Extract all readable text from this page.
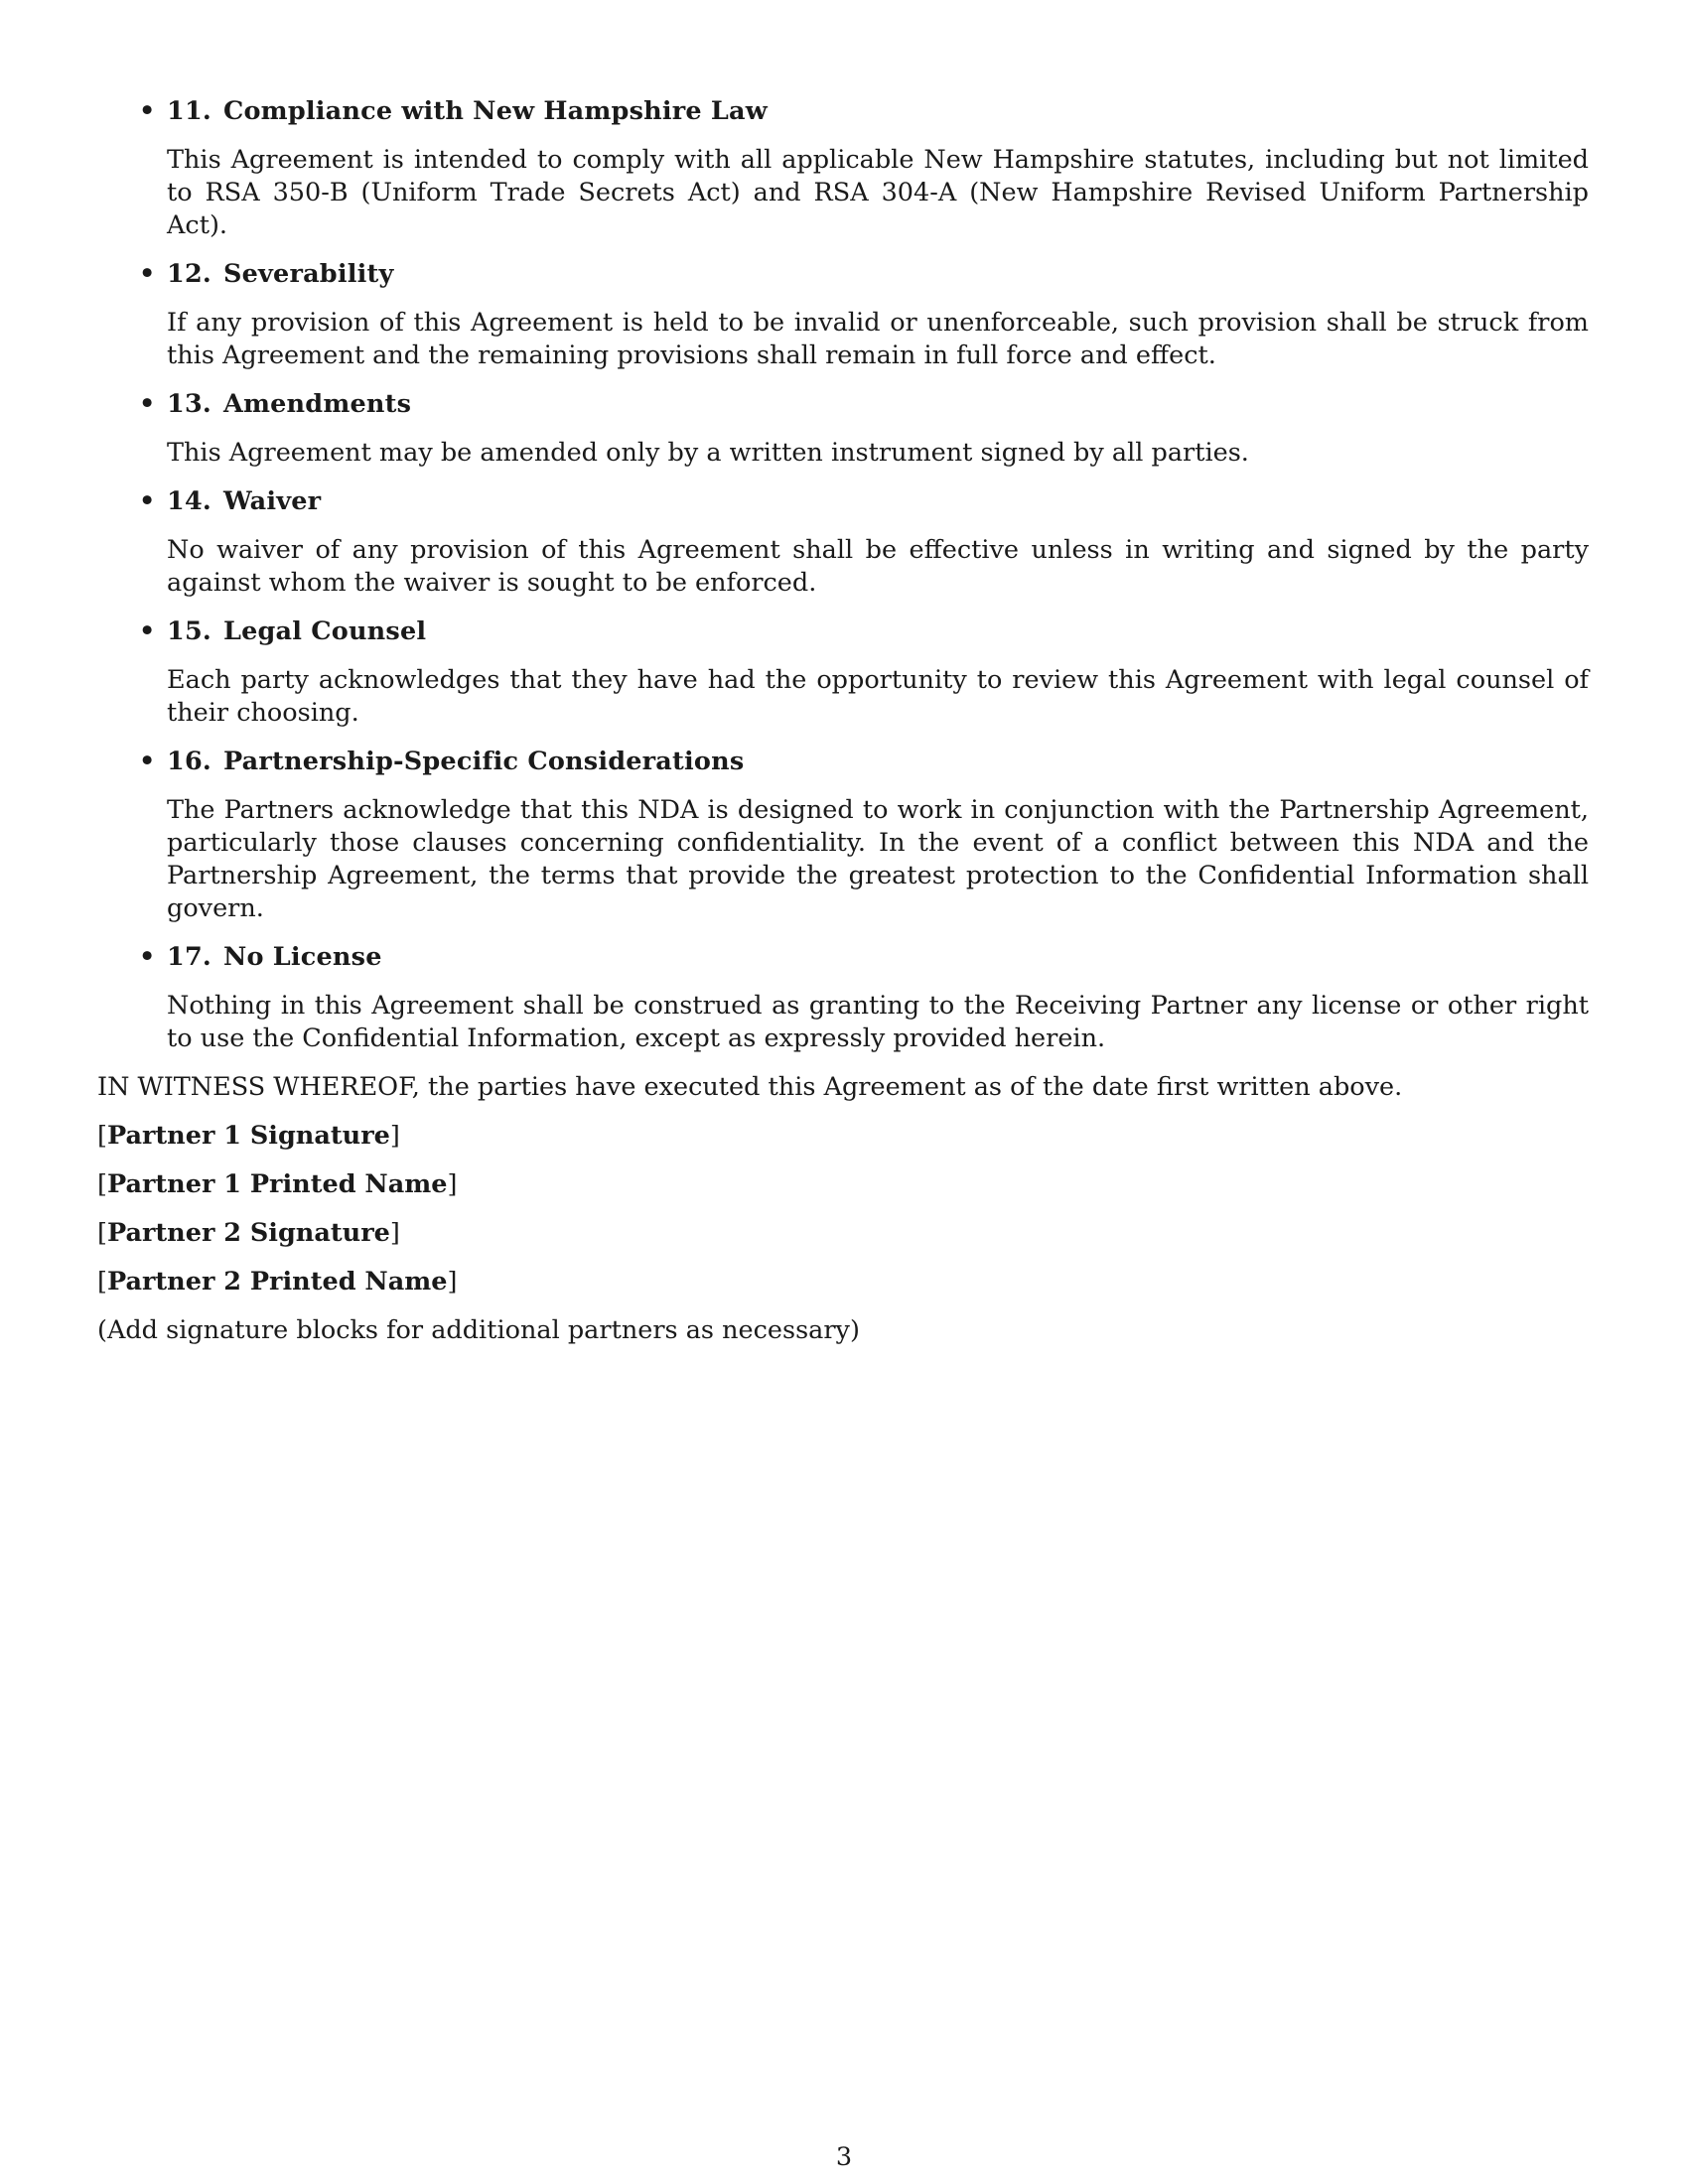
• 11. Compliance with New Hampshire Law

This Agreement is intended to comply with all applicable New Hampshire statutes, including but not limited to RSA 350-B (Uniform Trade Secrets Act) and RSA 304-A (New Hampshire Revised Uniform Partnership Act).

• 12. Severability

If any provision of this Agreement is held to be invalid or unenforceable, such provision shall be struck from this Agreement and the remaining provisions shall remain in full force and effect.

• 13. Amendments

This Agreement may be amended only by a written instrument signed by all parties.

• 14. Waiver

No waiver of any provision of this Agreement shall be effective unless in writing and signed by the party against whom the waiver is sought to be enforced.

• 15. Legal Counsel

Each party acknowledges that they have had the opportunity to review this Agreement with legal counsel of their choosing.

• 16. Partnership-Specific Considerations

The Partners acknowledge that this NDA is designed to work in conjunction with the Partnership Agreement, particularly those clauses concerning confidentiality. In the event of a conflict between this NDA and the Partnership Agreement, the terms that provide the greatest protection to the Confidential Information shall govern.

• 17. No License

Nothing in this Agreement shall be construed as granting to the Receiving Partner any license or other right to use the Confidential Information, except as expressly provided herein.

IN WITNESS WHEREOF, the parties have executed this Agreement as of the date first written above.

[Partner 1 Signature]

[Partner 1 Printed Name]

[Partner 2 Signature]

[Partner 2 Printed Name]

(Add signature blocks for additional partners as necessary)

3
